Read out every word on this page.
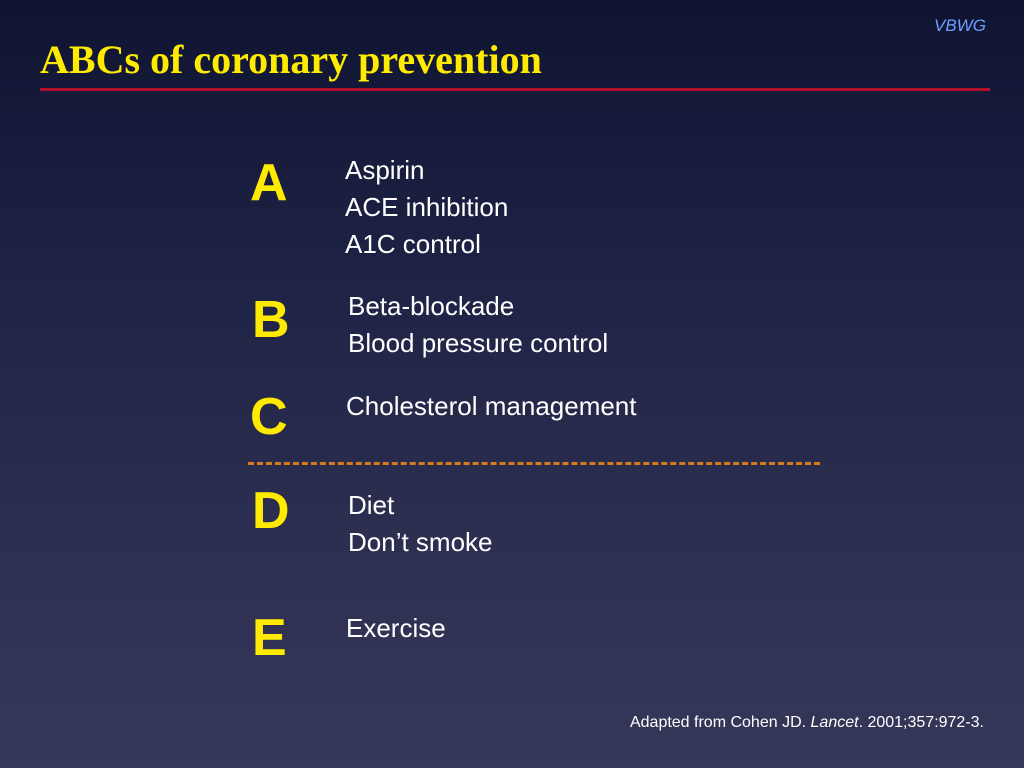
VBWG
ABCs of coronary prevention
A Aspirin
ACE inhibition
A1C control
B Beta-blockade
Blood pressure control
C Cholesterol management
D Diet
Don’t smoke
E Exercise
Adapted from Cohen JD. Lancet. 2001;357:972-3.
